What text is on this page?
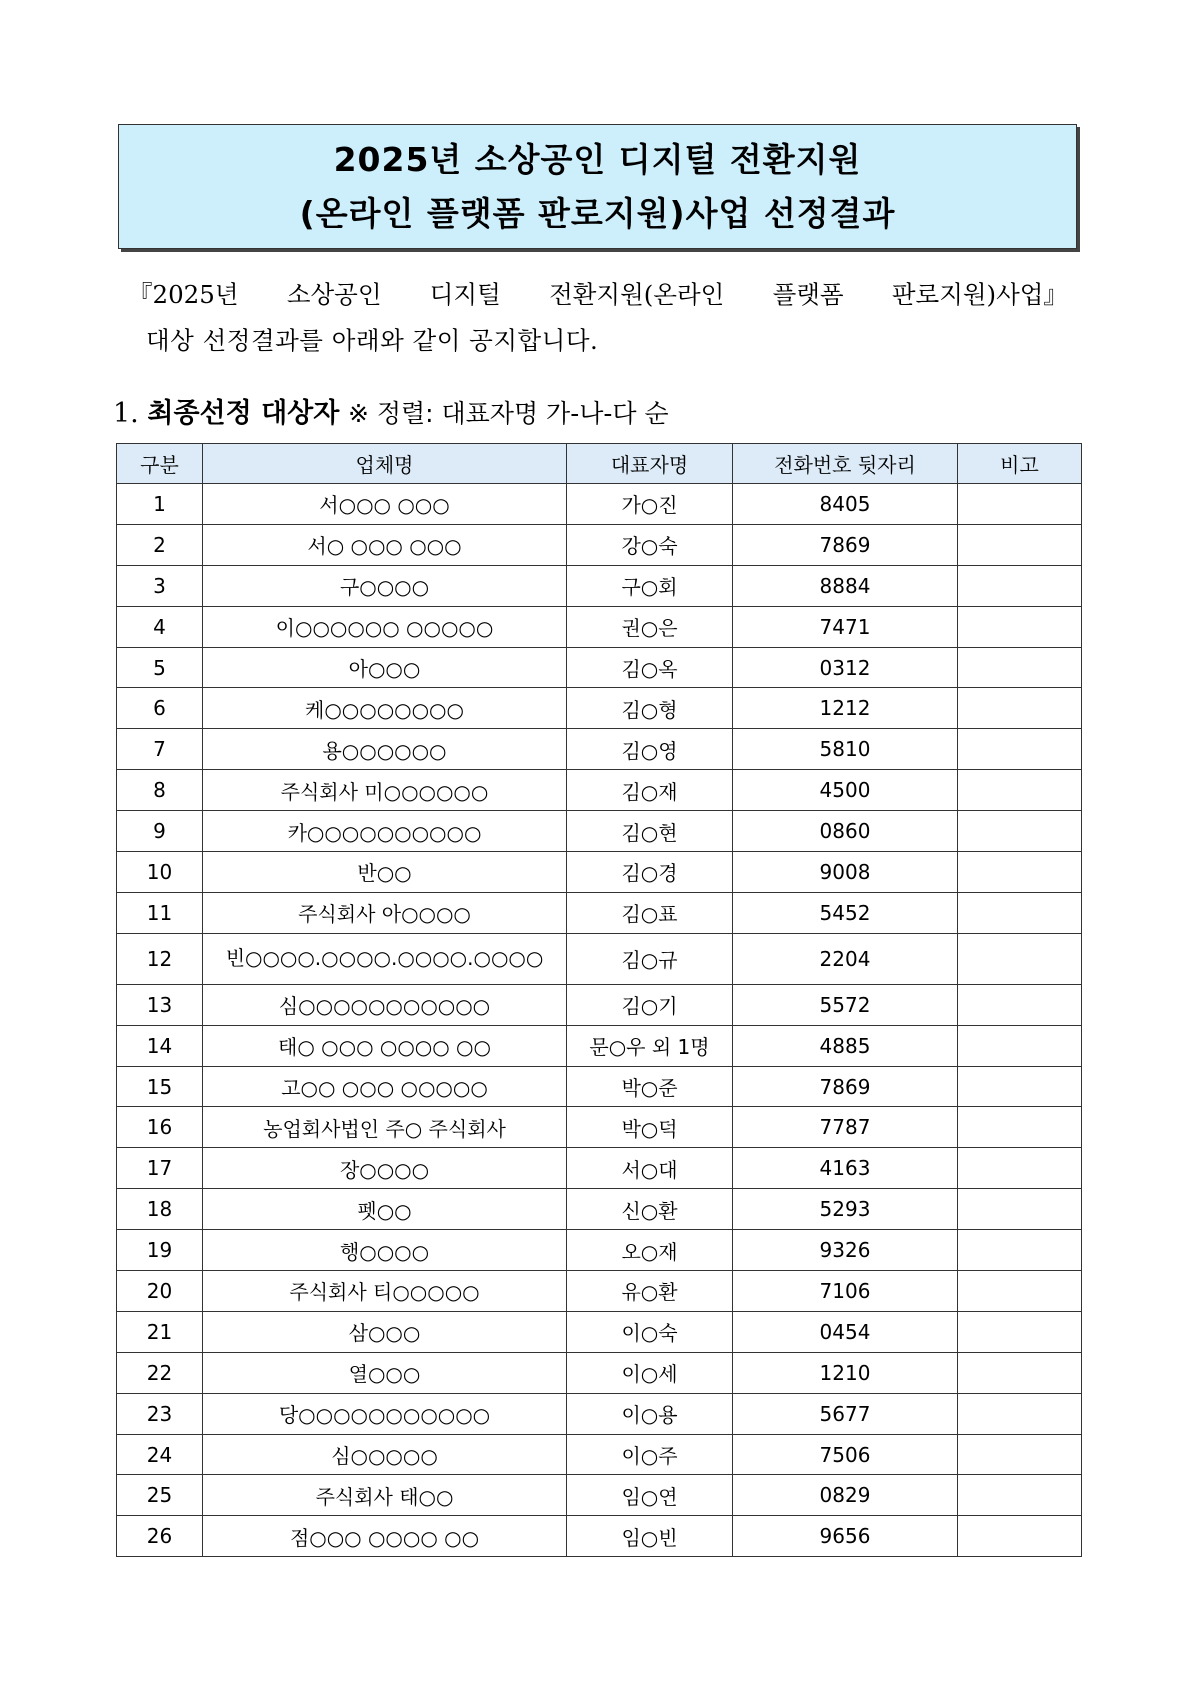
2025년 소상공인 디지털 전환지원
(온라인 플랫폼 판로지원)사업 선정결과
『2025년 소상공인 디지털 전환지원(온라인 플랫폼 판로지원)사업』
대상 선정결과를 아래와 같이 공지합니다.
1. 최종선정 대상자 ※ 정렬: 대표자명 가-나-다 순
구분	업체명	대표자명	전화번호 뒷자리	비고
1	서○○○ ○○○	가○진	8405	
2	서○ ○○○ ○○○	강○숙	7869	
3	구○○○○	구○회	8884	
4	이○○○○○○ ○○○○○	권○은	7471	
5	아○○○	김○옥	0312	
6	케○○○○○○○○	김○형	1212	
7	용○○○○○○	김○영	5810	
8	주식회사 미○○○○○○	김○재	4500	
9	카○○○○○○○○○○	김○현	0860	
10	반○○	김○경	9008	
11	주식회사 아○○○○	김○표	5452	
12	빈○○○○.○○○○.○○○○.○○○○	김○규	2204	
13	심○○○○○○○○○○○	김○기	5572	
14	태○ ○○○ ○○○○ ○○	문○우 외 1명	4885	
15	고○○ ○○○ ○○○○○	박○준	7869	
16	농업회사법인 주○ 주식회사	박○덕	7787	
17	장○○○○	서○대	4163	
18	펫○○	신○환	5293	
19	행○○○○	오○재	9326	
20	주식회사 티○○○○○	유○환	7106	
21	삼○○○	이○숙	0454	
22	열○○○	이○세	1210	
23	당○○○○○○○○○○○	이○용	5677	
24	심○○○○○	이○주	7506	
25	주식회사 태○○	임○연	0829	
26	점○○○ ○○○○ ○○	임○빈	9656	
